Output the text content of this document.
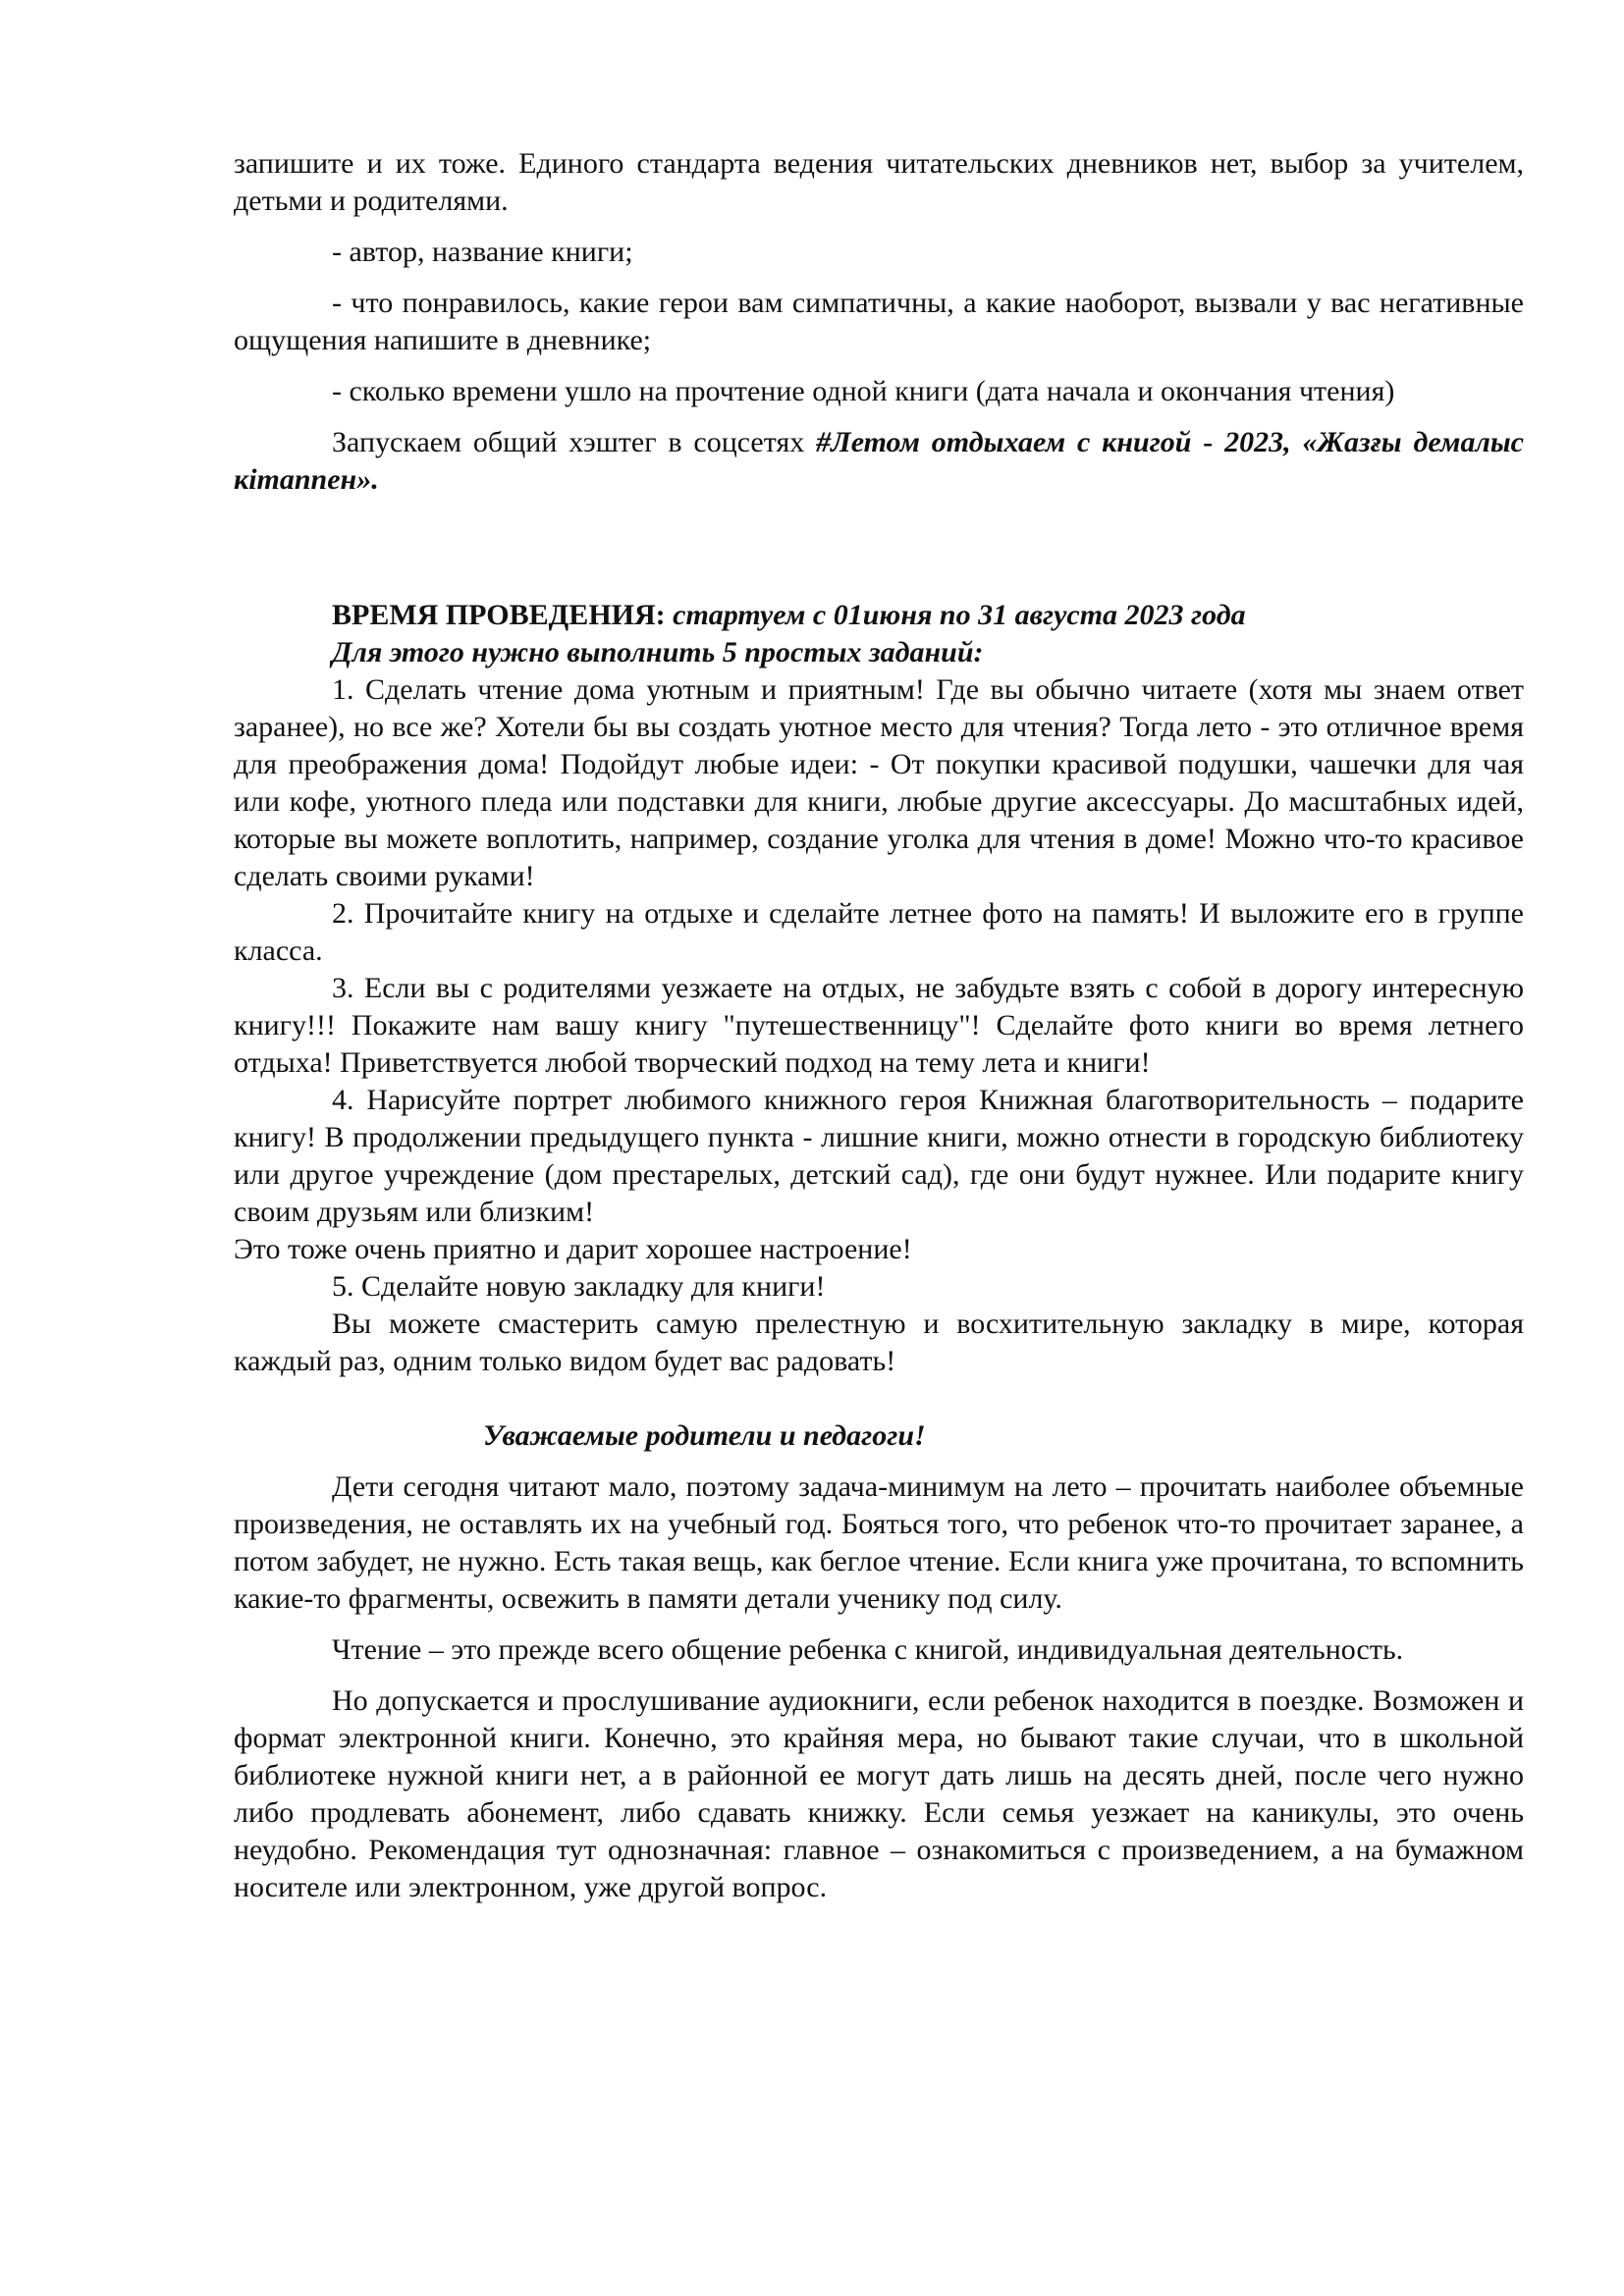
запишите и их тоже. Единого стандарта ведения читательских дневников нет, выбор за учителем, детьми и родителями.

- автор, название книги;

- что понравилось, какие герои вам симпатичны, а какие наоборот, вызвали у вас негативные ощущения напишите в дневнике;

- сколько времени ушло на прочтение одной книги (дата начала и окончания чтения)

Запускаем общий хэштег в соцсетях #Летом отдыхаем с книгой - 2023, «Жазғы демалыс кітаппен».

ВРЕМЯ ПРОВЕДЕНИЯ: стартуем с 01июня по 31 августа 2023 года

Для этого нужно выполнить 5 простых заданий:

1. Сделать чтение дома уютным и приятным! Где вы обычно читаете (хотя мы знаем ответ заранее), но все же? Хотели бы вы создать уютное место для чтения? Тогда лето - это отличное время для преображения дома! Подойдут любые идеи: - От покупки красивой подушки, чашечки для чая или кофе, уютного пледа или подставки для книги, любые другие аксессуары. До масштабных идей, которые вы можете воплотить, например, создание уголка для чтения в доме! Можно что-то красивое сделать своими руками!

2. Прочитайте книгу на отдыхе и сделайте летнее фото на память! И выложите его в группе класса.

3. Если вы с родителями уезжаете на отдых, не забудьте взять с собой в дорогу интересную книгу!!! Покажите нам вашу книгу "путешественницу"! Сделайте фото книги во время летнего отдыха! Приветствуется любой творческий подход на тему лета и книги!

4. Нарисуйте портрет любимого книжного героя Книжная благотворительность – подарите книгу! В продолжении предыдущего пункта - лишние книги, можно отнести в городскую библиотеку или другое учреждение (дом престарелых, детский сад), где они будут нужнее. Или подарите книгу своим друзьям или близким!

Это тоже очень приятно и дарит хорошее настроение!

5. Сделайте новую закладку для книги!

Вы можете смастерить самую прелестную и восхитительную закладку в мире, которая каждый раз, одним только видом будет вас радовать!

Уважаемые родители и педагоги!

Дети сегодня читают мало, поэтому задача-минимум на лето – прочитать наиболее объемные произведения, не оставлять их на учебный год. Бояться того, что ребенок что-то прочитает заранее, а потом забудет, не нужно. Есть такая вещь, как беглое чтение. Если книга уже прочитана, то вспомнить какие-то фрагменты, освежить в памяти детали ученику под силу.

Чтение – это прежде всего общение ребенка с книгой, индивидуальная деятельность.

Но допускается и прослушивание аудиокниги, если ребенок находится в поездке. Возможен и формат электронной книги. Конечно, это крайняя мера, но бывают такие случаи, что в школьной библиотеке нужной книги нет, а в районной ее могут дать лишь на десять дней, после чего нужно либо продлевать абонемент, либо сдавать книжку. Если семья уезжает на каникулы, это очень неудобно. Рекомендация тут однозначная: главное – ознакомиться с произведением, а на бумажном носителе или электронном, уже другой вопрос.
